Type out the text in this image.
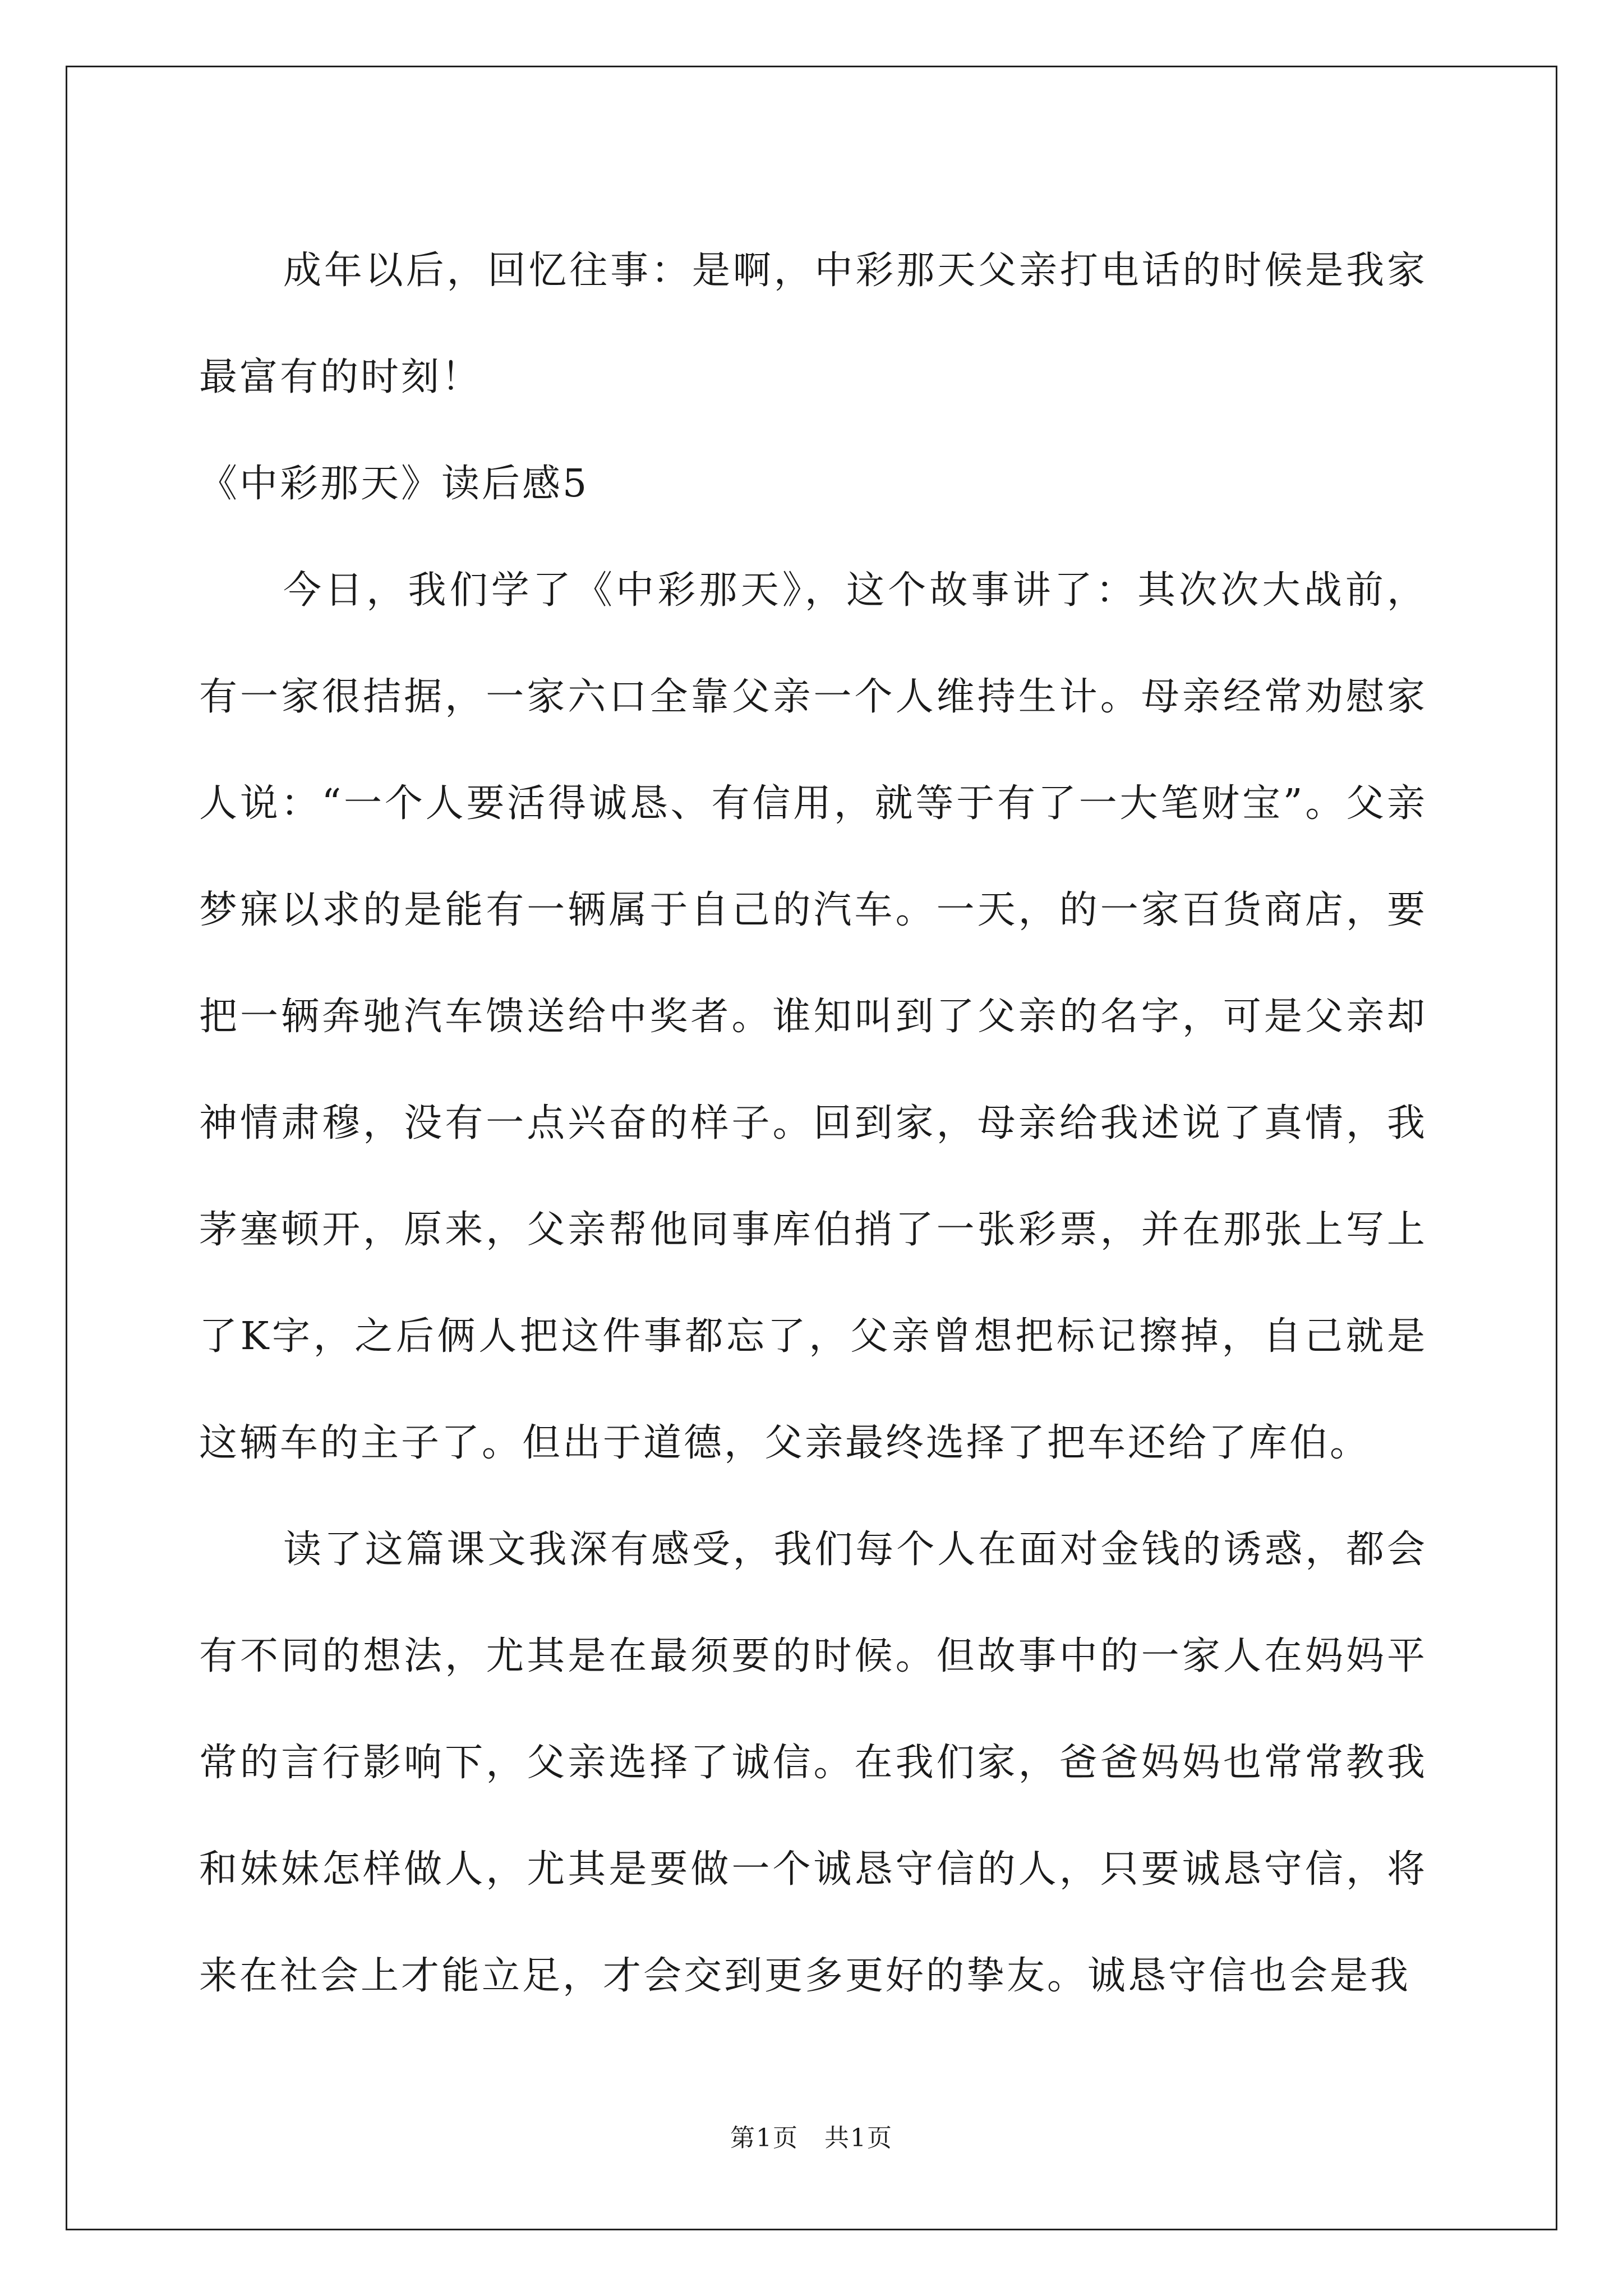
成年以后，回忆往事：是啊，中彩那天父亲打电话的时候是我家最富有的时刻！

《中彩那天》读后感5

今日，我们学了《中彩那天》，这个故事讲了：其次次大战前，有一家很拮据，一家六口全靠父亲一个人维持生计。母亲经常劝慰家人说：“一个人要活得诚恳、有信用，就等于有了一大笔财宝”。父亲梦寐以求的是能有一辆属于自己的汽车。一天，的一家百货商店，要把一辆奔驰汽车馈送给中奖者。谁知叫到了父亲的名字，可是父亲却神情肃穆，没有一点兴奋的样子。回到家，母亲给我述说了真情，我茅塞顿开，原来，父亲帮他同事库伯捎了一张彩票，并在那张上写上了K字，之后俩人把这件事都忘了，父亲曾想把标记擦掉，自己就是这辆车的主子了。但出于道德，父亲最终选择了把车还给了库伯。

读了这篇课文我深有感受，我们每个人在面对金钱的诱惑，都会有不同的想法，尤其是在最须要的时候。但故事中的一家人在妈妈平常的言行影响下，父亲选择了诚信。在我们家，爸爸妈妈也常常教我和妹妹怎样做人，尤其是要做一个诚恳守信的人，只要诚恳守信，将来在社会上才能立足，才会交到更多更好的挚友。诚恳守信也会是我

第1页　共1页
